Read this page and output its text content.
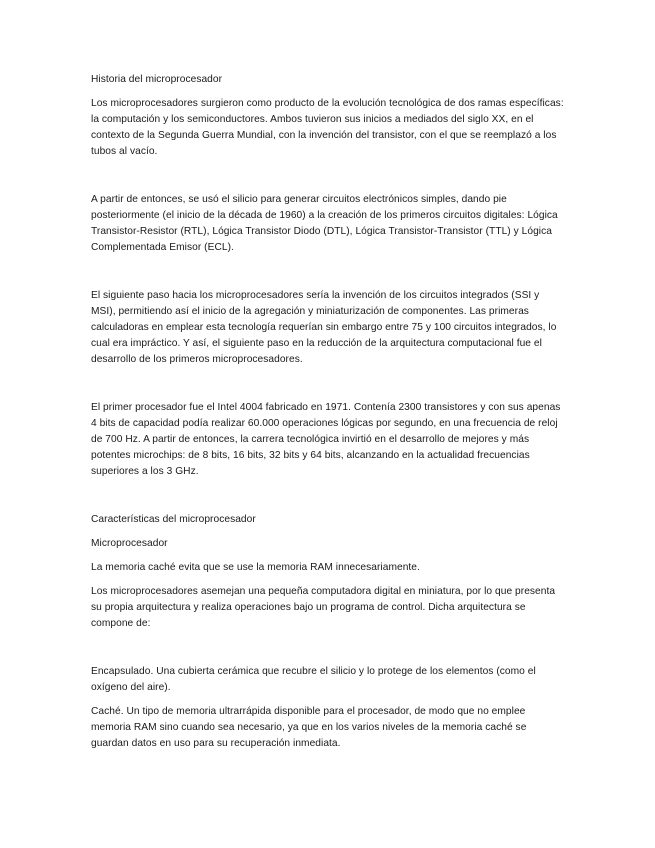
Historia del microprocesador

Los microprocesadores surgieron como producto de la evolución tecnológica de dos ramas específicas: la computación y los semiconductores. Ambos tuvieron sus inicios a mediados del siglo XX, en el contexto de la Segunda Guerra Mundial, con la invención del transistor, con el que se reemplazó a los tubos al vacío.

A partir de entonces, se usó el silicio para generar circuitos electrónicos simples, dando pie posteriormente (el inicio de la década de 1960) a la creación de los primeros circuitos digitales: Lógica Transistor-Resistor (RTL), Lógica Transistor Diodo (DTL), Lógica Transistor-Transistor (TTL) y Lógica Complementada Emisor (ECL).

El siguiente paso hacia los microprocesadores sería la invención de los circuitos integrados (SSI y MSI), permitiendo así el inicio de la agregación y miniaturización de componentes. Las primeras calculadoras en emplear esta tecnología requerían sin embargo entre 75 y 100 circuitos integrados, lo cual era impráctico. Y así, el siguiente paso en la reducción de la arquitectura computacional fue el desarrollo de los primeros microprocesadores.

El primer procesador fue el Intel 4004 fabricado en 1971. Contenía 2300 transistores y con sus apenas 4 bits de capacidad podía realizar 60.000 operaciones lógicas por segundo, en una frecuencia de reloj de 700 Hz. A partir de entonces, la carrera tecnológica invirtió en el desarrollo de mejores y más potentes microchips: de 8 bits, 16 bits, 32 bits y 64 bits, alcanzando en la actualidad frecuencias superiores a los 3 GHz.

Características del microprocesador

Microprocesador

La memoria caché evita que se use la memoria RAM innecesariamente.

Los microprocesadores asemejan una pequeña computadora digital en miniatura, por lo que presenta su propia arquitectura y realiza operaciones bajo un programa de control. Dicha arquitectura se compone de:

Encapsulado. Una cubierta cerámica que recubre el silicio y lo protege de los elementos (como el oxígeno del aire).

Caché. Un tipo de memoria ultrarrápida disponible para el procesador, de modo que no emplee memoria RAM sino cuando sea necesario, ya que en los varios niveles de la memoria caché se guardan datos en uso para su recuperación inmediata.
